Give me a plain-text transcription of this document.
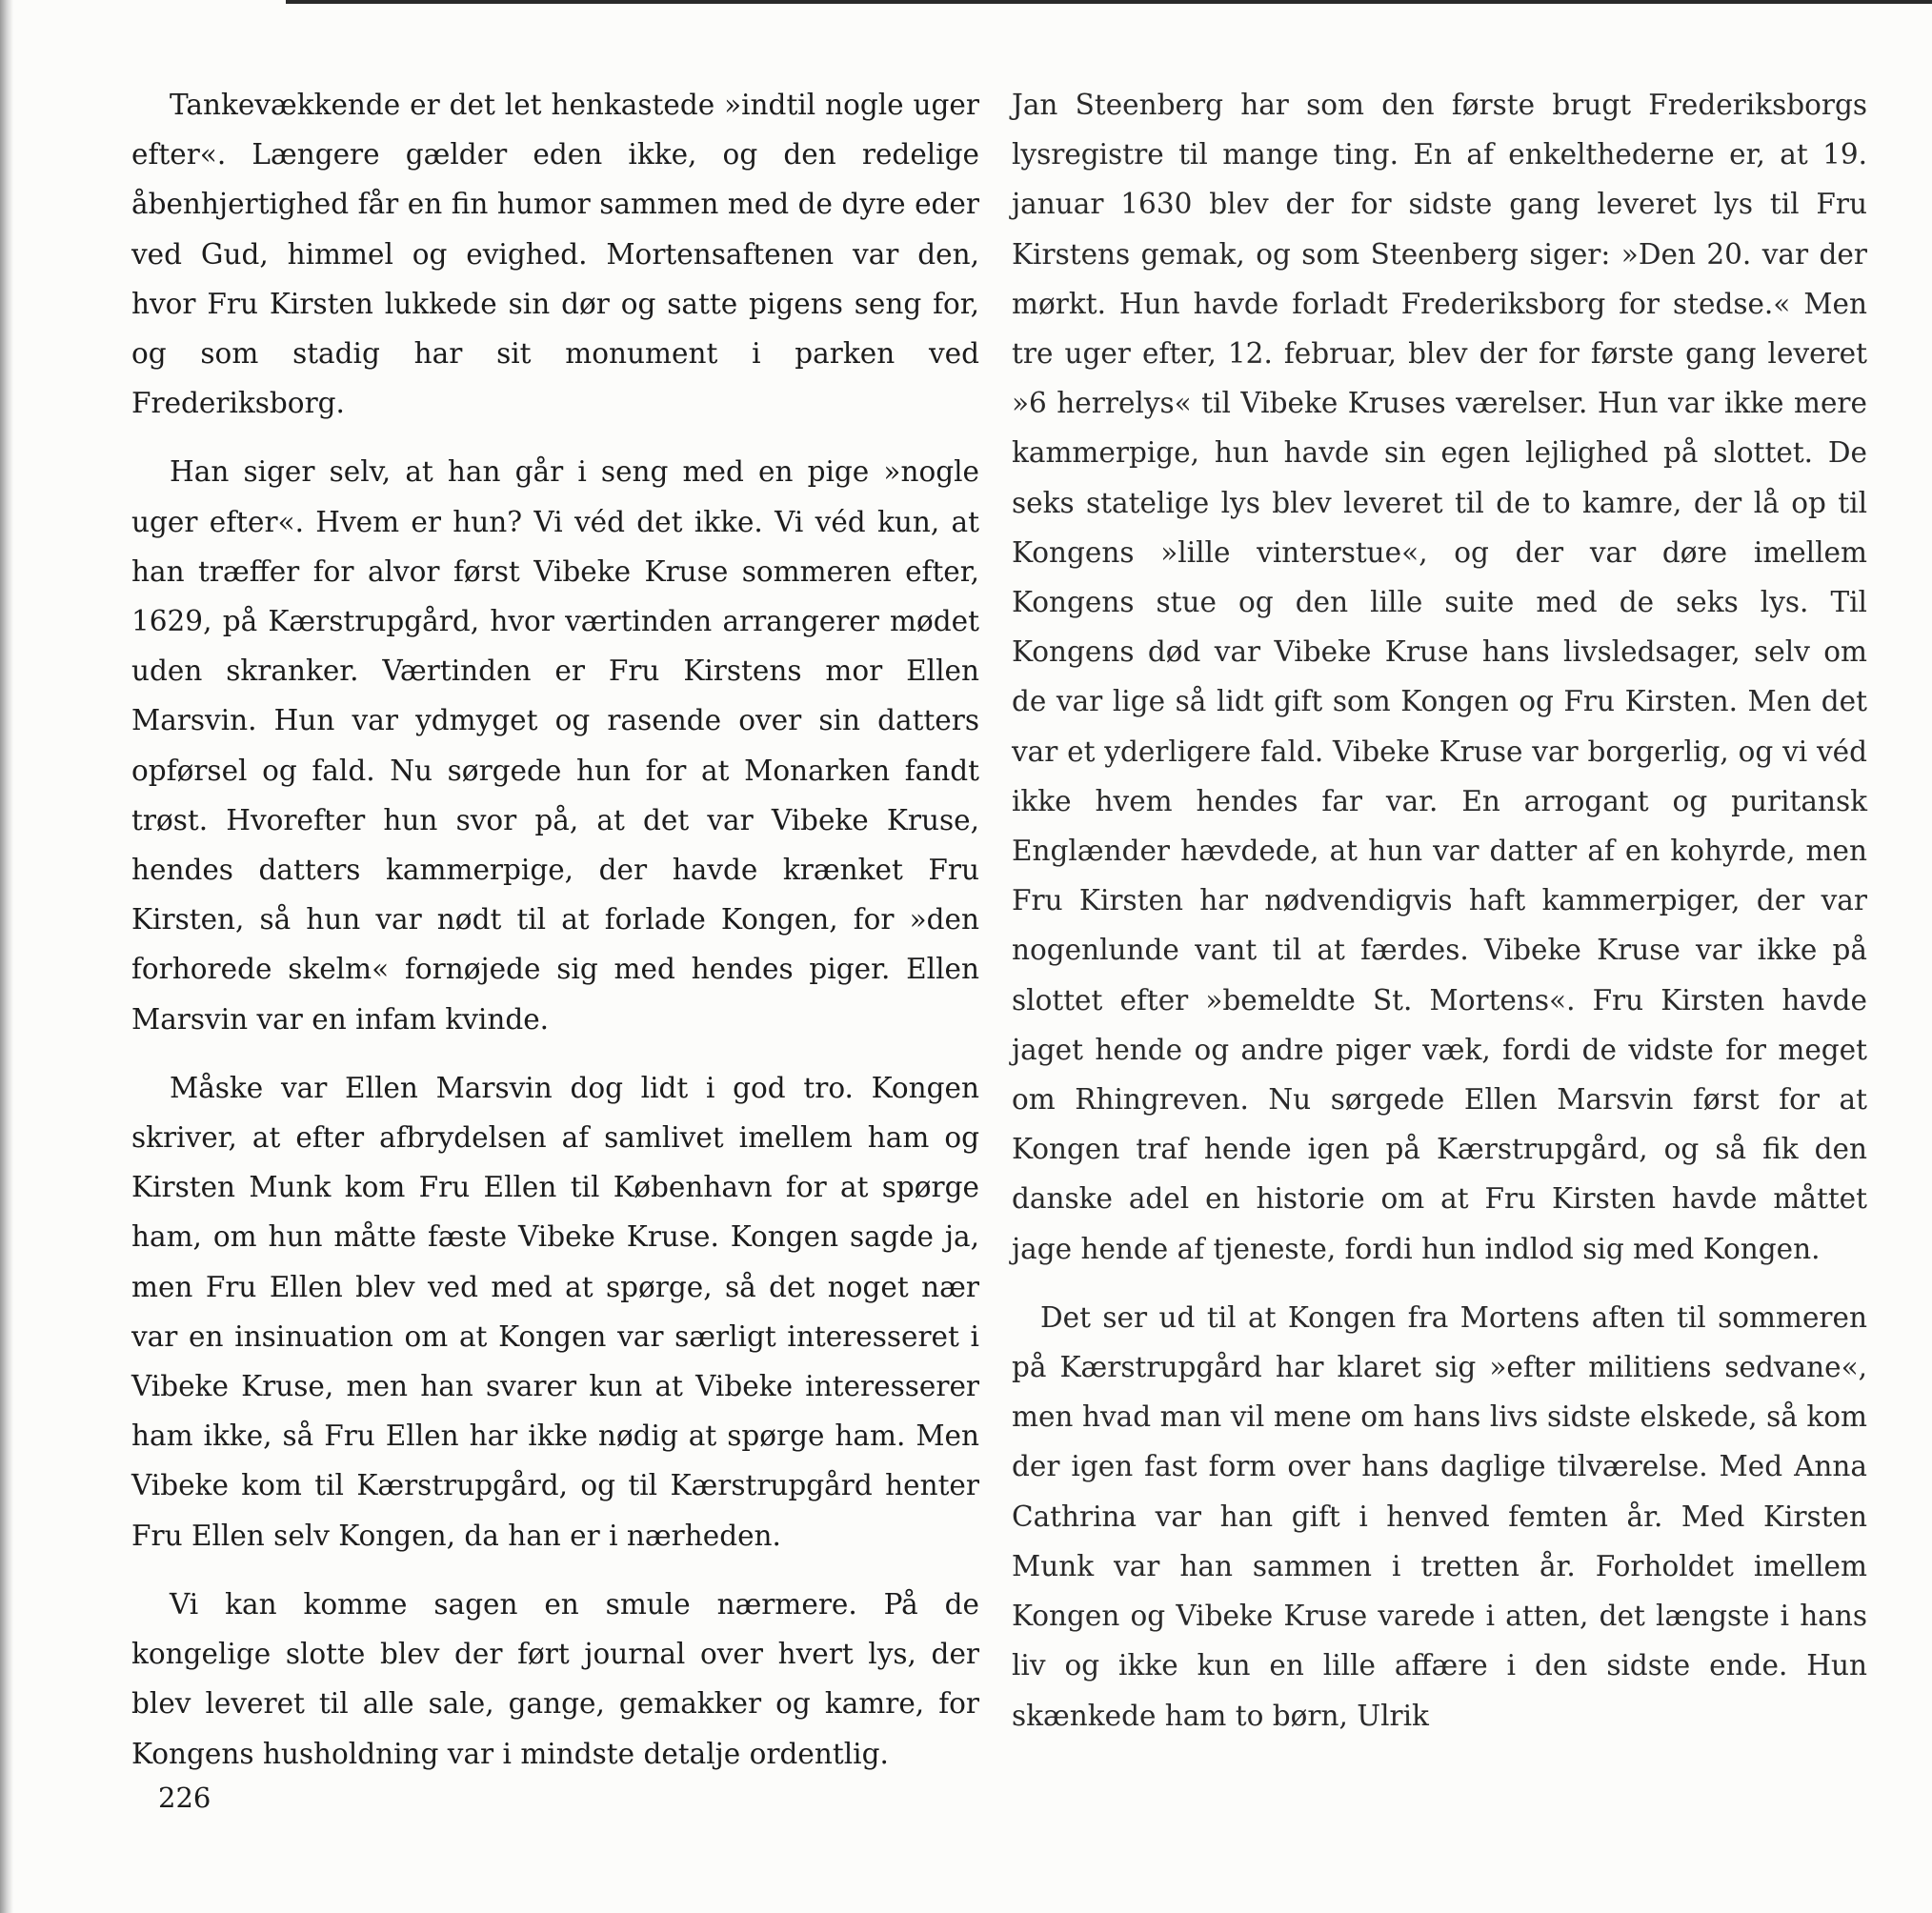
Tankevækkende er det let henkastede »indtil nogle uger efter«. Længere gælder eden ikke, og den redelige åbenhjertighed får en fin humor sammen med de dyre eder ved Gud, himmel og evighed. Mortensaftenen var den, hvor Fru Kirsten lukkede sin dør og satte pigens seng for, og som stadig har sit monument i parken ved Frederiksborg.

Han siger selv, at han går i seng med en pige »nogle uger efter«. Hvem er hun? Vi véd det ikke. Vi véd kun, at han træffer for alvor først Vibeke Kruse sommeren efter, 1629, på Kærstrupgård, hvor værtinden arrangerer mødet uden skranker. Værtinden er Fru Kirstens mor Ellen Marsvin. Hun var ydmyget og rasende over sin datters opførsel og fald. Nu sørgede hun for at Monarken fandt trøst. Hvorefter hun svor på, at det var Vibeke Kruse, hendes datters kammerpige, der havde krænket Fru Kirsten, så hun var nødt til at forlade Kongen, for »den forhorede skelm« fornøjede sig med hendes piger. Ellen Marsvin var en infam kvinde.

Måske var Ellen Marsvin dog lidt i god tro. Kongen skriver, at efter afbrydelsen af samlivet imellem ham og Kirsten Munk kom Fru Ellen til København for at spørge ham, om hun måtte fæste Vibeke Kruse. Kongen sagde ja, men Fru Ellen blev ved med at spørge, så det noget nær var en insinuation om at Kongen var særligt interesseret i Vibeke Kruse, men han svarer kun at Vibeke interesserer ham ikke, så Fru Ellen har ikke nødig at spørge ham. Men Vibeke kom til Kærstrupgård, og til Kærstrupgård henter Fru Ellen selv Kongen, da han er i nærheden.

Vi kan komme sagen en smule nærmere. På de kongelige slotte blev der ført journal over hvert lys, der blev leveret til alle sale, gange, gemakker og kamre, for Kongens husholdning var i mindste detalje ordentlig.

Jan Steenberg har som den første brugt Frederiksborgs lysregistre til mange ting. En af enkelthederne er, at 19. januar 1630 blev der for sidste gang leveret lys til Fru Kirstens gemak, og som Steenberg siger: »Den 20. var der mørkt. Hun havde forladt Frederiksborg for stedse.« Men tre uger efter, 12. februar, blev der for første gang leveret »6 herrelys« til Vibeke Kruses værelser. Hun var ikke mere kammerpige, hun havde sin egen lejlighed på slottet. De seks statelige lys blev leveret til de to kamre, der lå op til Kongens »lille vinterstue«, og der var døre imellem Kongens stue og den lille suite med de seks lys. Til Kongens død var Vibeke Kruse hans livsledsager, selv om de var lige så lidt gift som Kongen og Fru Kirsten. Men det var et yderligere fald. Vibeke Kruse var borgerlig, og vi véd ikke hvem hendes far var. En arrogant og puritansk Englænder hævdede, at hun var datter af en kohyrde, men Fru Kirsten har nødvendigvis haft kammerpiger, der var nogenlunde vant til at færdes. Vibeke Kruse var ikke på slottet efter »bemeldte St. Mortens«. Fru Kirsten havde jaget hende og andre piger væk, fordi de vidste for meget om Rhingreven. Nu sørgede Ellen Marsvin først for at Kongen traf hende igen på Kærstrupgård, og så fik den danske adel en historie om at Fru Kirsten havde måttet jage hende af tjeneste, fordi hun indlod sig med Kongen.

Det ser ud til at Kongen fra Mortens aften til sommeren på Kærstrupgård har klaret sig »efter militiens sedvane«, men hvad man vil mene om hans livs sidste elskede, så kom der igen fast form over hans daglige tilværelse. Med Anna Cathrina var han gift i henved femten år. Med Kirsten Munk var han sammen i tretten år. Forholdet imellem Kongen og Vibeke Kruse varede i atten, det længste i hans liv og ikke kun en lille affære i den sidste ende. Hun skænkede ham to børn, Ulrik

226
